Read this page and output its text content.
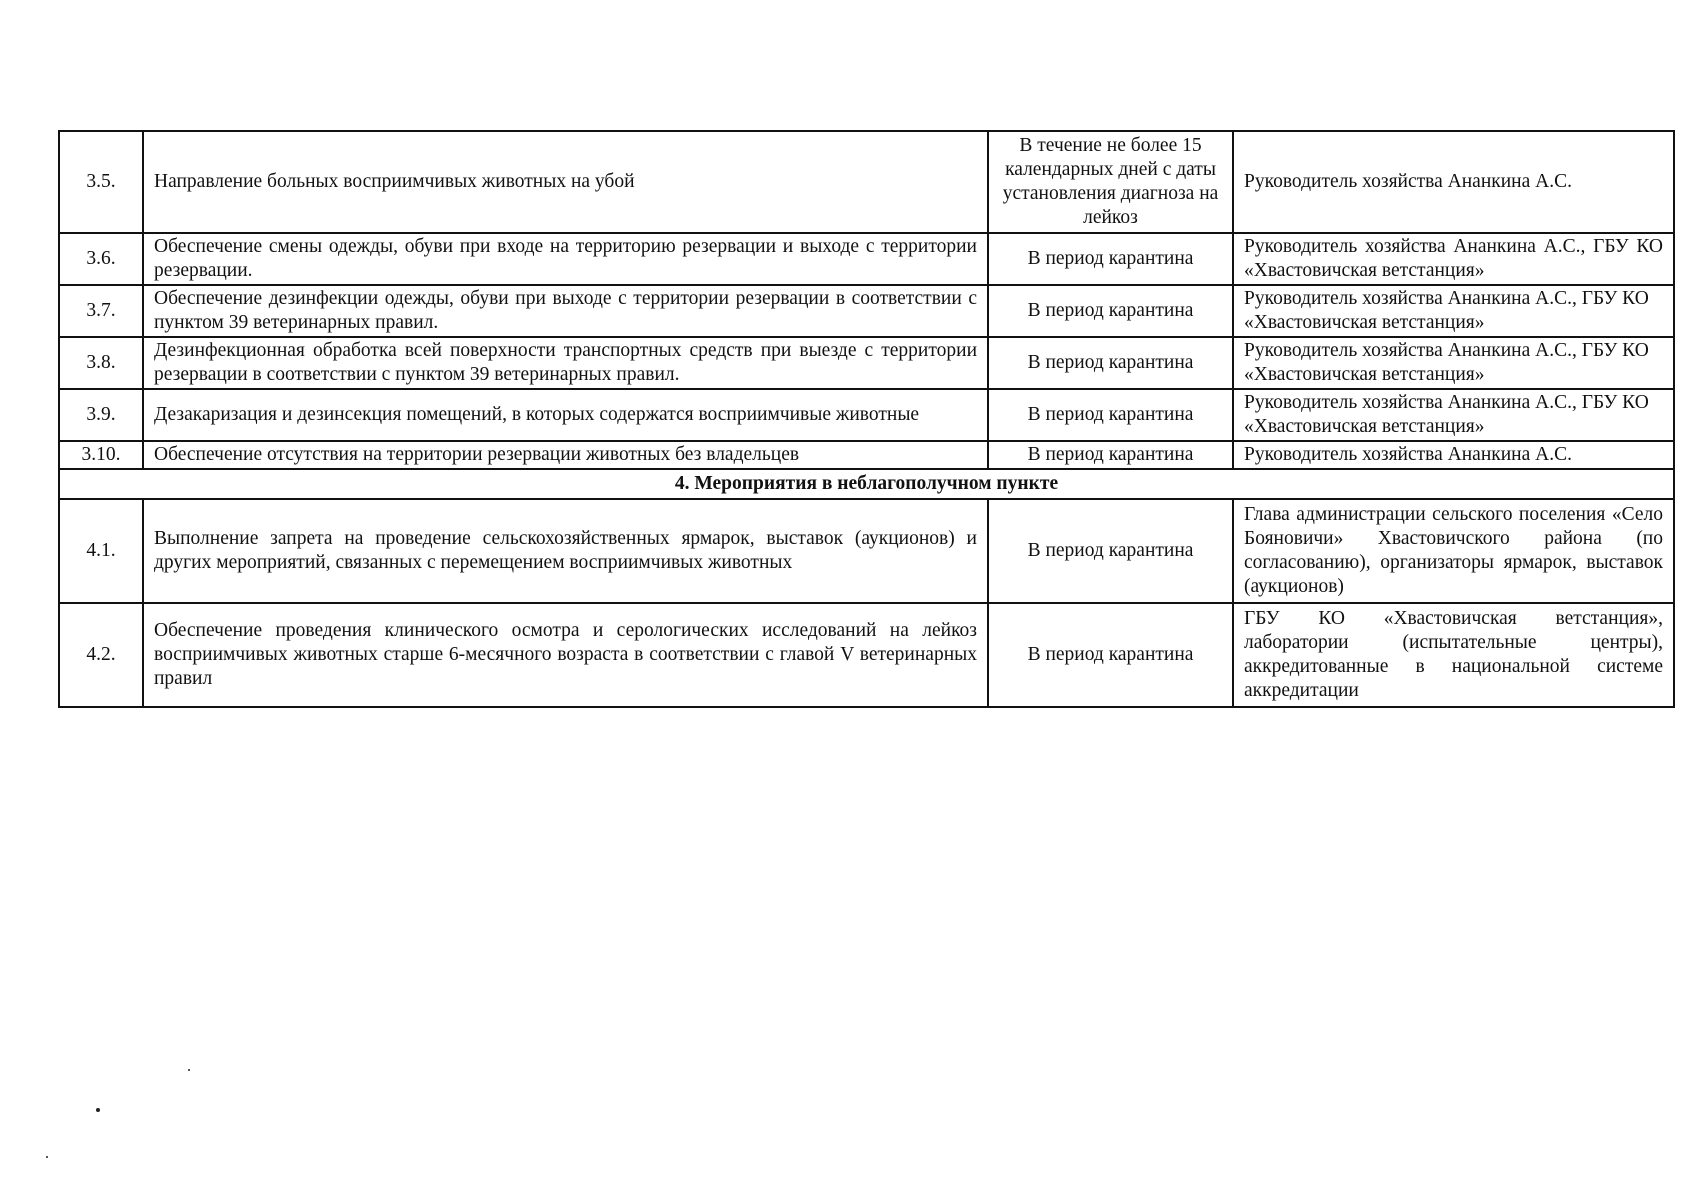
3.5.	Направление больных восприимчивых животных на убой	В течение не более 15 календарных дней с даты установления диагноза на лейкоз	Руководитель хозяйства Ананкина А.С.
3.6.	Обеспечение смены одежды, обуви при входе на территорию резервации и выходе с территории резервации.	В период карантина	Руководитель хозяйства Ананкина А.С., ГБУ КО «Хвастовичская ветстанция»
3.7.	Обеспечение дезинфекции одежды, обуви при выходе с территории резервации в соответствии с пунктом 39 ветеринарных правил.	В период карантина	Руководитель хозяйства Ананкина А.С., ГБУ КО «Хвастовичская ветстанция»
3.8.	Дезинфекционная обработка всей поверхности транспортных средств при выезде с территории резервации в соответствии с пунктом 39 ветеринарных правил.	В период карантина	Руководитель хозяйства Ананкина А.С., ГБУ КО «Хвастовичская ветстанция»
3.9.	Дезакаризация и дезинсекция помещений, в которых содержатся восприимчивые животные	В период карантина	Руководитель хозяйства Ананкина А.С., ГБУ КО «Хвастовичская ветстанция»
3.10.	Обеспечение отсутствия на территории резервации животных без владельцев	В период карантина	Руководитель хозяйства Ананкина А.С.
4. Мероприятия в неблагополучном пункте			
4.1.	Выполнение запрета на проведение сельскохозяйственных ярмарок, выставок (аукционов) и других мероприятий, связанных с перемещением восприимчивых животных	В период карантина	Глава администрации сельского поселения «Село Бояновичи» Хвастовичского района (по согласованию), организаторы ярмарок, выставок (аукционов)
4.2.	Обеспечение проведения клинического осмотра и серологических исследований на лейкоз восприимчивых животных старше 6-месячного возраста в соответствии с главой V ветеринарных правил	В период карантина	ГБУ КО «Хвастовичская ветстанция», лаборатории (испытательные центры), аккредитованные в национальной системе аккредитации
